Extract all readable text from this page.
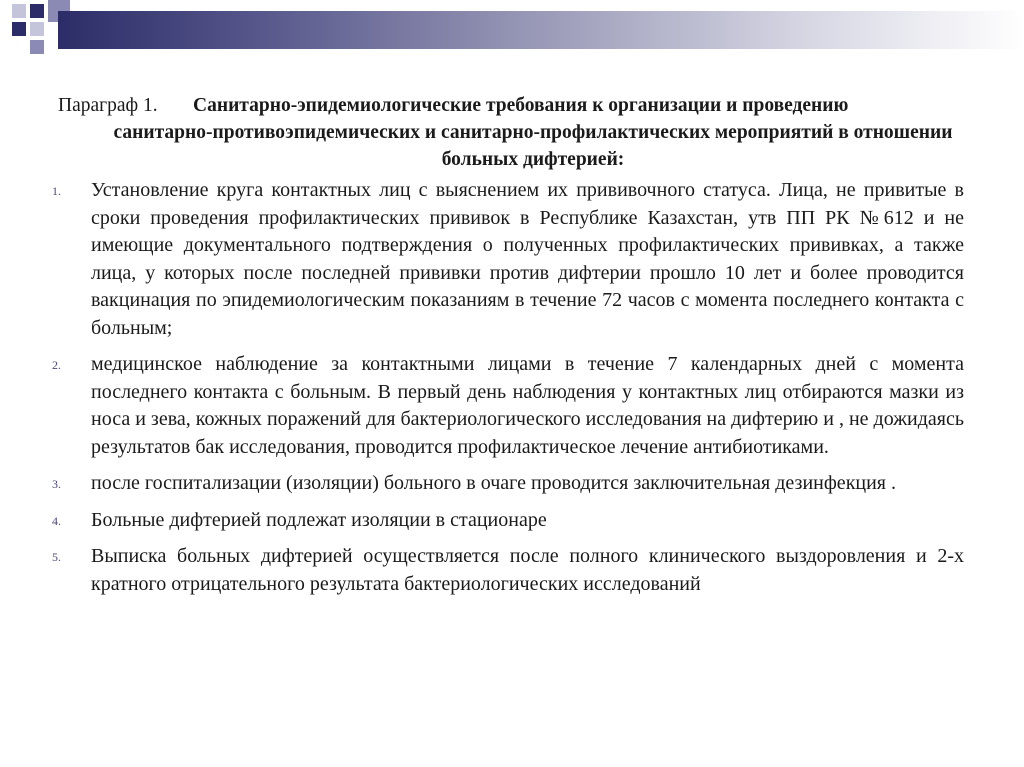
Параграф 1. Санитарно-эпидемиологические требования к организации и проведению
санитарно-противоэпидемических и санитарно-профилактических мероприятий в отношении больных дифтерией:
1. Установление круга контактных лиц с выяснением их прививочного статуса. Лица, не привитые в сроки проведения профилактических прививок в Республике Казахстан, утв ПП РК №612 и не имеющие документального подтверждения о полученных профилактических прививках, а также лица, у которых после последней прививки против дифтерии прошло 10 лет и более проводится вакцинация по эпидемиологическим показаниям в течение 72 часов с момента последнего контакта с больным;
2. медицинское наблюдение за контактными лицами в течение 7 календарных дней с момента последнего контакта с больным. В первый день наблюдения у контактных лиц отбираются мазки из носа и зева, кожных поражений для бактериологического исследования на дифтерию и , не дожидаясь результатов бак исследования, проводится профилактическое лечение антибиотиками.
3. после госпитализации (изоляции) больного в очаге проводится заключительная дезинфекция .
4. Больные дифтерией подлежат изоляции в стационаре
5. Выписка больных дифтерией осуществляется после полного клинического выздоровления и 2-х кратного отрицательного результата бактериологических исследований
